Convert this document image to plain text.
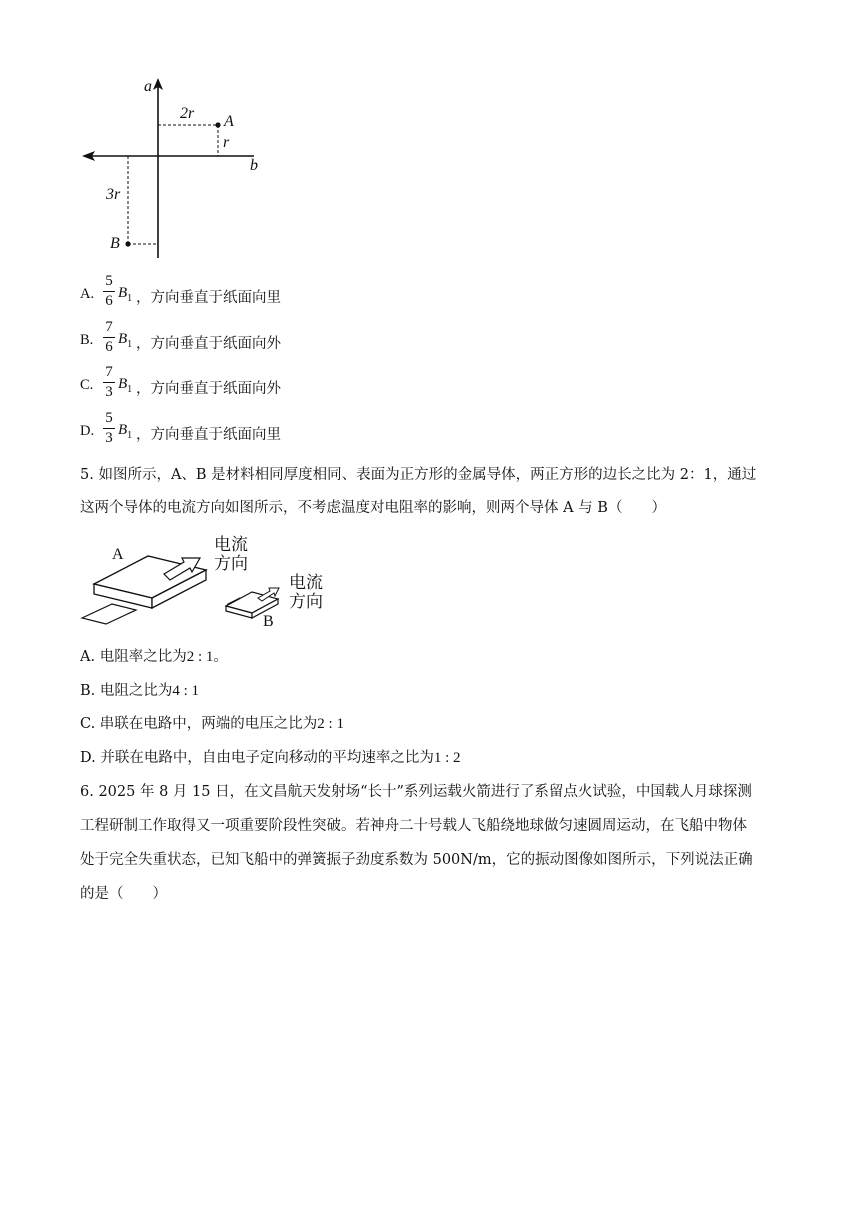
a
b
2r A
r
3r
B
A.
5
6 $B_1$ ，方向垂直于纸面向里
B.
7
6 $B_1$ ，方向垂直于纸面向外
C.
7
3 $B_1$ ，方向垂直于纸面向外
D.
5
3 $B_1$ ，方向垂直于纸面向里
5. 如图所示，A、B 是材料相同厚度相同、表面为正方形的金属导体，两正方形的边长之比为 2：1，通过
这两个导体的电流方向如图所示，不考虑温度对电阻率的影响，则两个导体 A 与 B（　　）
A
B
电流
方向
电流
方向
A. 电阻率之比为2 : 1。
B. 电阻之比为4 : 1
C. 串联在电路中，两端的电压之比为2 : 1
D. 并联在电路中，自由电子定向移动的平均速率之比为1 : 2
6. 2025 年 8 月 15 日，在文昌航天发射场“长十”系列运载火箭进行了系留点火试验，中国载人月球探测
工程研制工作取得又一项重要阶段性突破。若神舟二十号载人飞船绕地球做匀速圆周运动，在飞船中物体
处于完全失重状态，已知飞船中的弹簧振子劲度系数为 500N/m，它的振动图像如图所示，下列说法正确
的是（　　）
